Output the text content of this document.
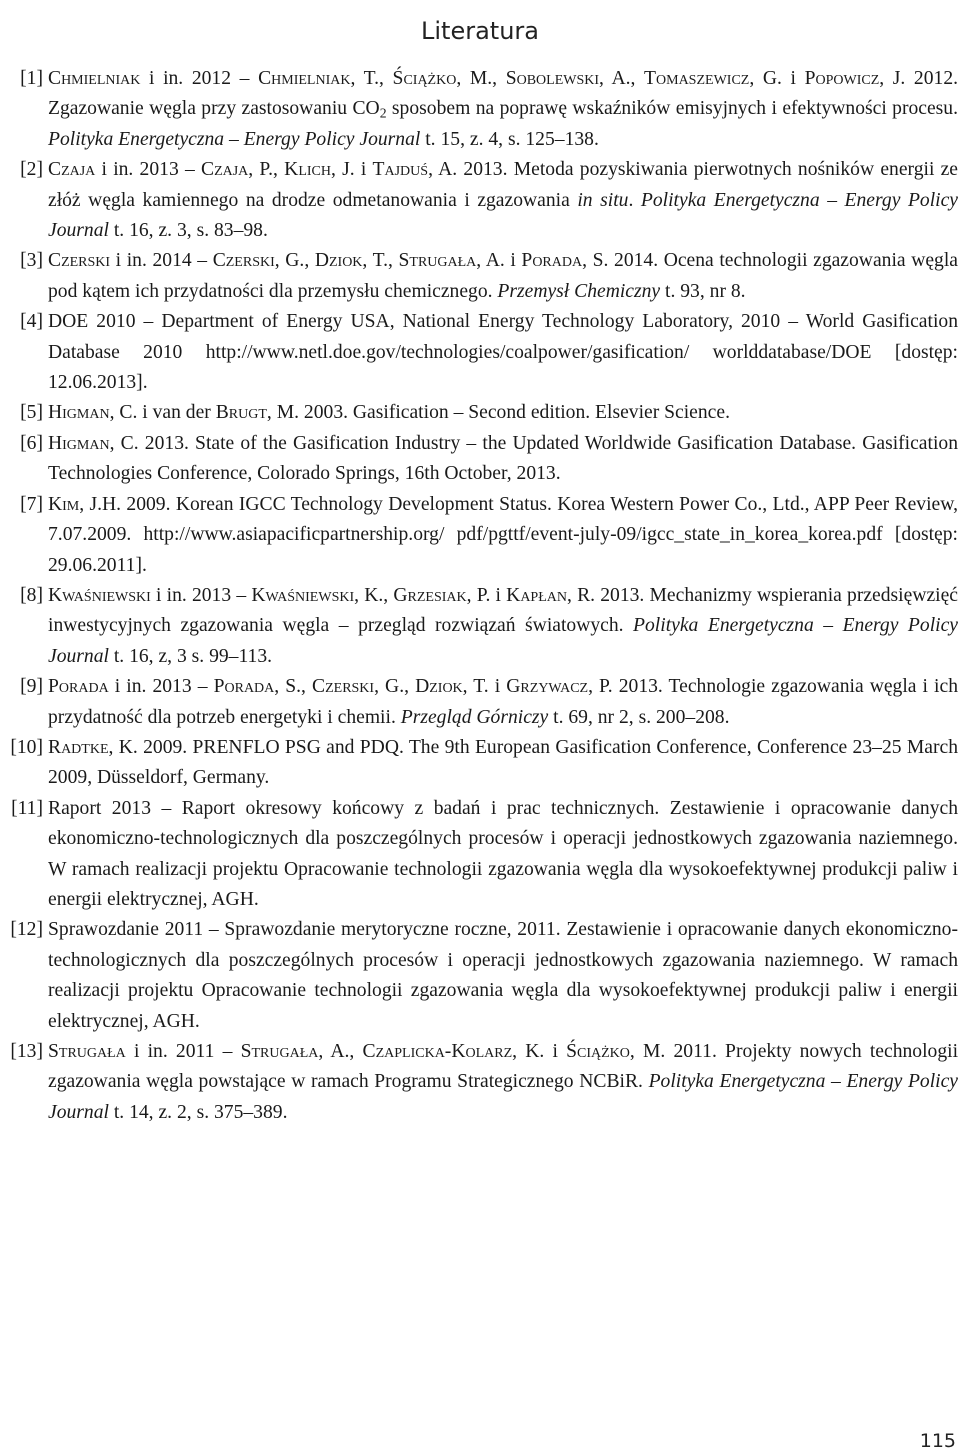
Literatura
[1] Chmielniak i in. 2012 – Chmielniak, T., Ściążko, M., Sobolewski, A., Tomaszewicz, G. i Popowicz, J. 2012. Zgazowanie węgla przy zastosowaniu $CO_2$ sposobem na poprawę wskaźników emisyjnych i efektywności procesu. Polityka Energetyczna – Energy Policy Journal t. 15, z. 4, s. 125–138.
[2] Czaja i in. 2013 – Czaja, P., Klich, J. i Tajduś, A. 2013. Metoda pozyskiwania pierwotnych nośników energii ze złóż węgla kamiennego na drodze odmetanowania i zgazowania in situ. Polityka Energetyczna – Energy Policy Journal t. 16, z. 3, s. 83–98.
[3] Czerski i in. 2014 – Czerski, G., Dziok, T., Strugała, A. i Porada, S. 2014. Ocena technologii zgazowania węgla pod kątem ich przydatności dla przemysłu chemicznego. Przemysł Chemiczny t. 93, nr 8.
[4] DOE 2010 – Department of Energy USA, National Energy Technology Laboratory, 2010 – World Gasification Database 2010 http://www.netl.doe.gov/technologies/coalpower/gasification/ worlddatabase/DOE [dostęp: 12.06.2013].
[5] Higman, C. i van der Brugt, M. 2003. Gasification – Second edition. Elsevier Science.
[6] Higman, C. 2013. State of the Gasification Industry – the Updated Worldwide Gasification Database. Gasification Technologies Conference, Colorado Springs, 16th October, 2013.
[7] Kim, J.H. 2009. Korean IGCC Technology Development Status. Korea Western Power Co., Ltd., APP Peer Review, 7.07.2009. http://www.asiapacificpartnership.org/ pdf/pgttf/event-july-09/igcc_state_in_korea_korea.pdf [dostęp: 29.06.2011].
[8] Kwaśniewski i in. 2013 – Kwaśniewski, K., Grzesiak, P. i Kapłan, R. 2013. Mechanizmy wspierania przedsięwzięć inwestycyjnych zgazowania węgla – przegląd rozwiązań światowych. Polityka Energetyczna – Energy Policy Journal t. 16, z, 3 s. 99–113.
[9] Porada i in. 2013 – Porada, S., Czerski, G., Dziok, T. i Grzywacz, P. 2013. Technologie zgazowania węgla i ich przydatność dla potrzeb energetyki i chemii. Przegląd Górniczy t. 69, nr 2, s. 200–208.
[10] Radtke, K. 2009. PRENFLO PSG and PDQ. The 9th European Gasification Conference, Conference 23–25 March 2009, Düsseldorf, Germany.
[11] Raport 2013 – Raport okresowy końcowy z badań i prac technicznych. Zestawienie i opracowanie danych ekonomiczno-technologicznych dla poszczególnych procesów i operacji jednostkowych zgazowania naziemnego. W ramach realizacji projektu Opracowanie technologii zgazowania węgla dla wysokoefektywnej produkcji paliw i energii elektrycznej, AGH.
[12] Sprawozdanie 2011 – Sprawozdanie merytoryczne roczne, 2011. Zestawienie i opracowanie danych ekonomiczno-technologicznych dla poszczególnych procesów i operacji jednostkowych zgazowania naziemnego. W ramach realizacji projektu Opracowanie technologii zgazowania węgla dla wysokoefektywnej produkcji paliw i energii elektrycznej, AGH.
[13] Strugała i in. 2011 – Strugała, A., Czaplicka-Kolarz, K. i Ściążko, M. 2011. Projekty nowych technologii zgazowania węgla powstające w ramach Programu Strategicznego NCBiR. Polityka Energetyczna – Energy Policy Journal t. 14, z. 2, s. 375–389.
115
